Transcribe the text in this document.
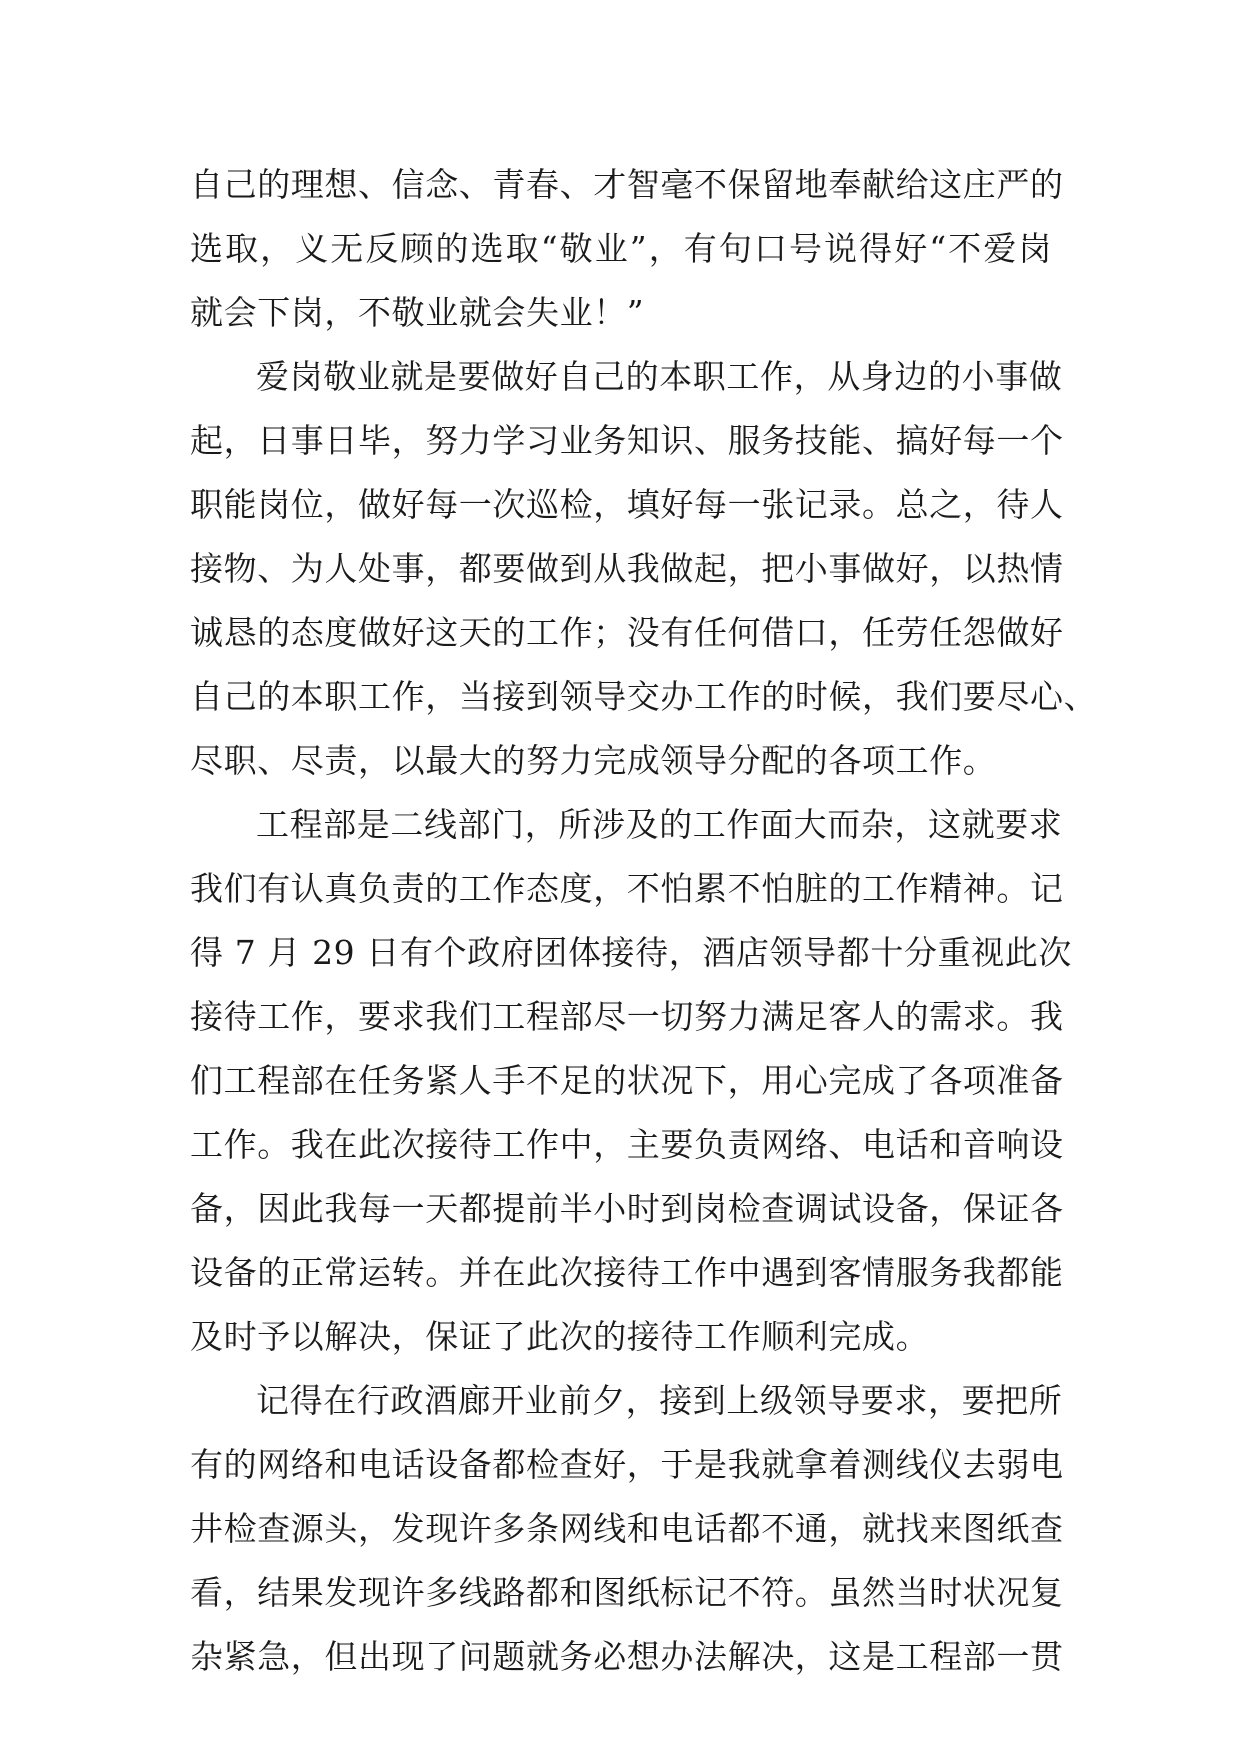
自己的理想、信念、青春、才智毫不保留地奉献给这庄严的
选取，义无反顾的选取“敬业”，有句口号说得好“不爱岗
就会下岗，不敬业就会失业！”

爱岗敬业就是要做好自己的本职工作，从身边的小事做
起，日事日毕，努力学习业务知识、服务技能、搞好每一个
职能岗位，做好每一次巡检，填好每一张记录。总之，待人
接物、为人处事，都要做到从我做起，把小事做好，以热情
诚恳的态度做好这天的工作；没有任何借口，任劳任怨做好
自己的本职工作，当接到领导交办工作的时候，我们要尽心、
尽职、尽责，以最大的努力完成领导分配的各项工作。

工程部是二线部门，所涉及的工作面大而杂，这就要求
我们有认真负责的工作态度，不怕累不怕脏的工作精神。记
得 7 月 29 日有个政府团体接待，酒店领导都十分重视此次
接待工作，要求我们工程部尽一切努力满足客人的需求。我
们工程部在任务紧人手不足的状况下，用心完成了各项准备
工作。我在此次接待工作中，主要负责网络、电话和音响设
备，因此我每一天都提前半小时到岗检查调试设备，保证各
设备的正常运转。并在此次接待工作中遇到客情服务我都能
及时予以解决，保证了此次的接待工作顺利完成。

记得在行政酒廊开业前夕，接到上级领导要求，要把所
有的网络和电话设备都检查好，于是我就拿着测线仪去弱电
井检查源头，发现许多条网线和电话都不通，就找来图纸查
看，结果发现许多线路都和图纸标记不符。虽然当时状况复
杂紧急，但出现了问题就务必想办法解决，这是工程部一贯
